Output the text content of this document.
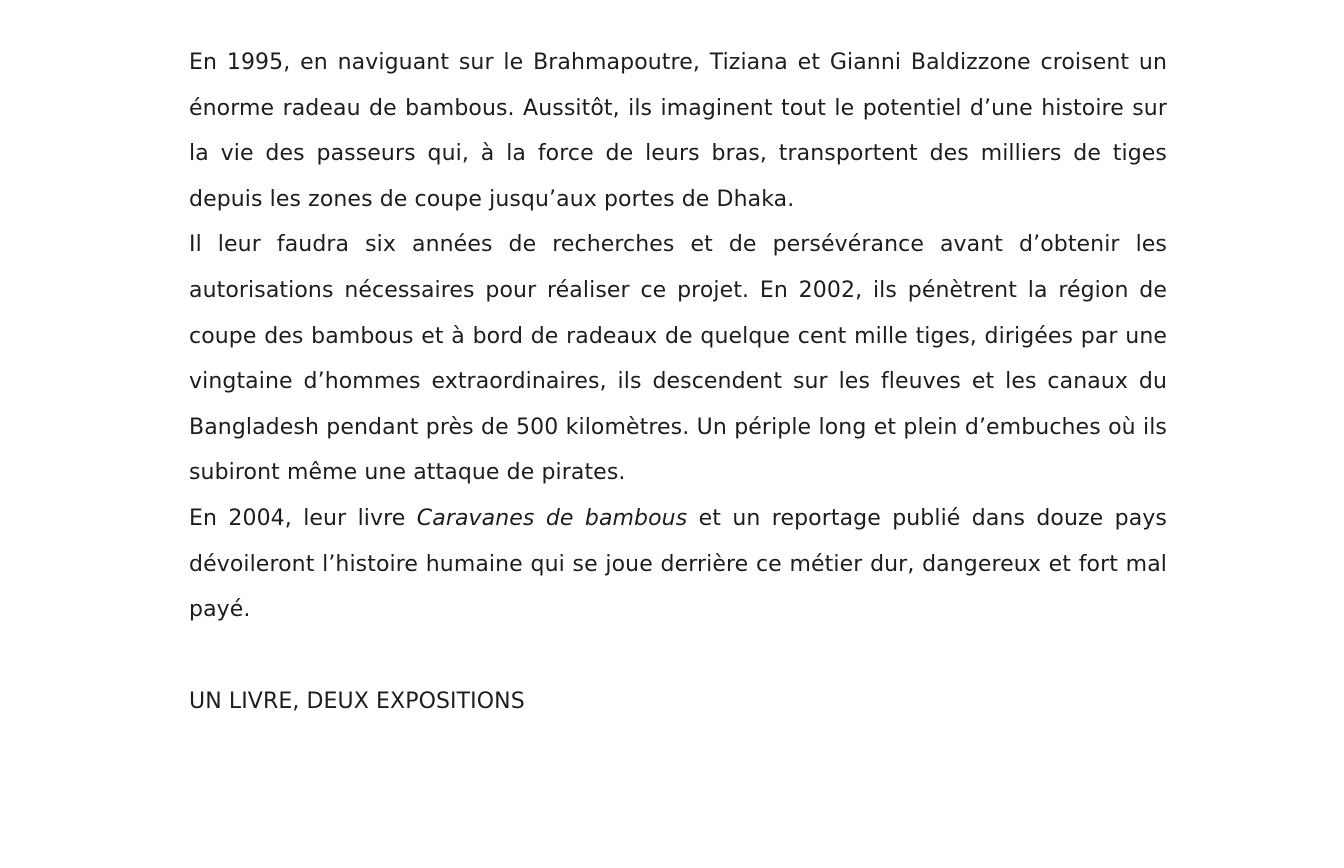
En 1995, en naviguant sur le Brahmapoutre, Tiziana et Gianni Baldizzone croisent un énorme radeau de bambous. Aussitôt, ils imaginent tout le potentiel d’une histoire sur la vie des passeurs qui, à la force de leurs bras, transportent des milliers de tiges depuis les zones de coupe jusqu’aux portes de Dhaka.

Il leur faudra six années de recherches et de persévérance avant d’obtenir les autorisations nécessaires pour réaliser ce projet. En 2002, ils pénètrent la région de coupe des bambous et à bord de radeaux de quelque cent mille tiges, dirigées par une vingtaine d’hommes extraordinaires, ils descendent sur les fleuves et les canaux du Bangladesh pendant près de 500 kilomètres. Un périple long et plein d’embuches où ils subiront même une attaque de pirates.

En 2004, leur livre Caravanes de bambous et un reportage publié dans douze pays dévoileront l’histoire humaine qui se joue derrière ce métier dur, dangereux et fort mal payé.

UN LIVRE, DEUX EXPOSITIONS
